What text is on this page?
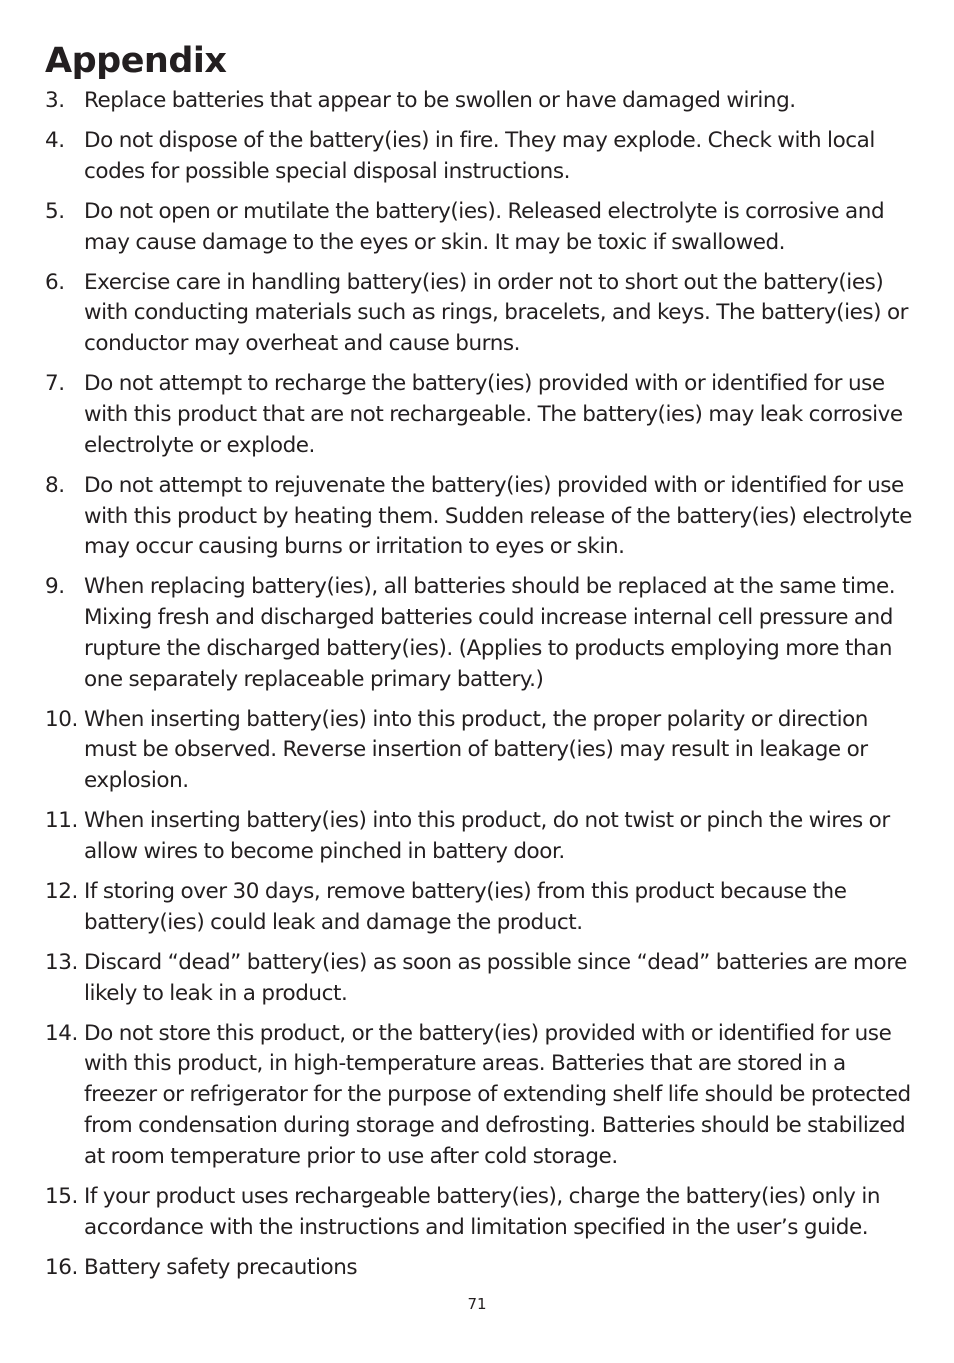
Appendix
3. Replace batteries that appear to be swollen or have damaged wiring.
4. Do not dispose of the battery(ies) in fire. They may explode. Check with local codes for possible special disposal instructions.
5. Do not open or mutilate the battery(ies). Released electrolyte is corrosive and may cause damage to the eyes or skin. It may be toxic if swallowed.
6. Exercise care in handling battery(ies) in order not to short out the battery(ies) with conducting materials such as rings, bracelets, and keys. The battery(ies) or conductor may overheat and cause burns.
7. Do not attempt to recharge the battery(ies) provided with or identified for use with this product that are not rechargeable. The battery(ies) may leak corrosive electrolyte or explode.
8. Do not attempt to rejuvenate the battery(ies) provided with or identified for use with this product by heating them. Sudden release of the battery(ies) electrolyte may occur causing burns or irritation to eyes or skin.
9. When replacing battery(ies), all batteries should be replaced at the same time. Mixing fresh and discharged batteries could increase internal cell pressure and rupture the discharged battery(ies). (Applies to products employing more than one separately replaceable primary battery.)
10. When inserting battery(ies) into this product, the proper polarity or direction must be observed. Reverse insertion of battery(ies) may result in leakage or explosion.
11. When inserting battery(ies) into this product, do not twist or pinch the wires or allow wires to become pinched in battery door.
12. If storing over 30 days, remove battery(ies) from this product because the battery(ies) could leak and damage the product.
13. Discard “dead” battery(ies) as soon as possible since “dead” batteries are more likely to leak in a product.
14. Do not store this product, or the battery(ies) provided with or identified for use with this product, in high-temperature areas. Batteries that are stored in a freezer or refrigerator for the purpose of extending shelf life should be protected from condensation during storage and defrosting. Batteries should be stabilized at room temperature prior to use after cold storage.
15. If your product uses rechargeable battery(ies), charge the battery(ies) only in accordance with the instructions and limitation specified in the user’s guide.
16. Battery safety precautions
71
